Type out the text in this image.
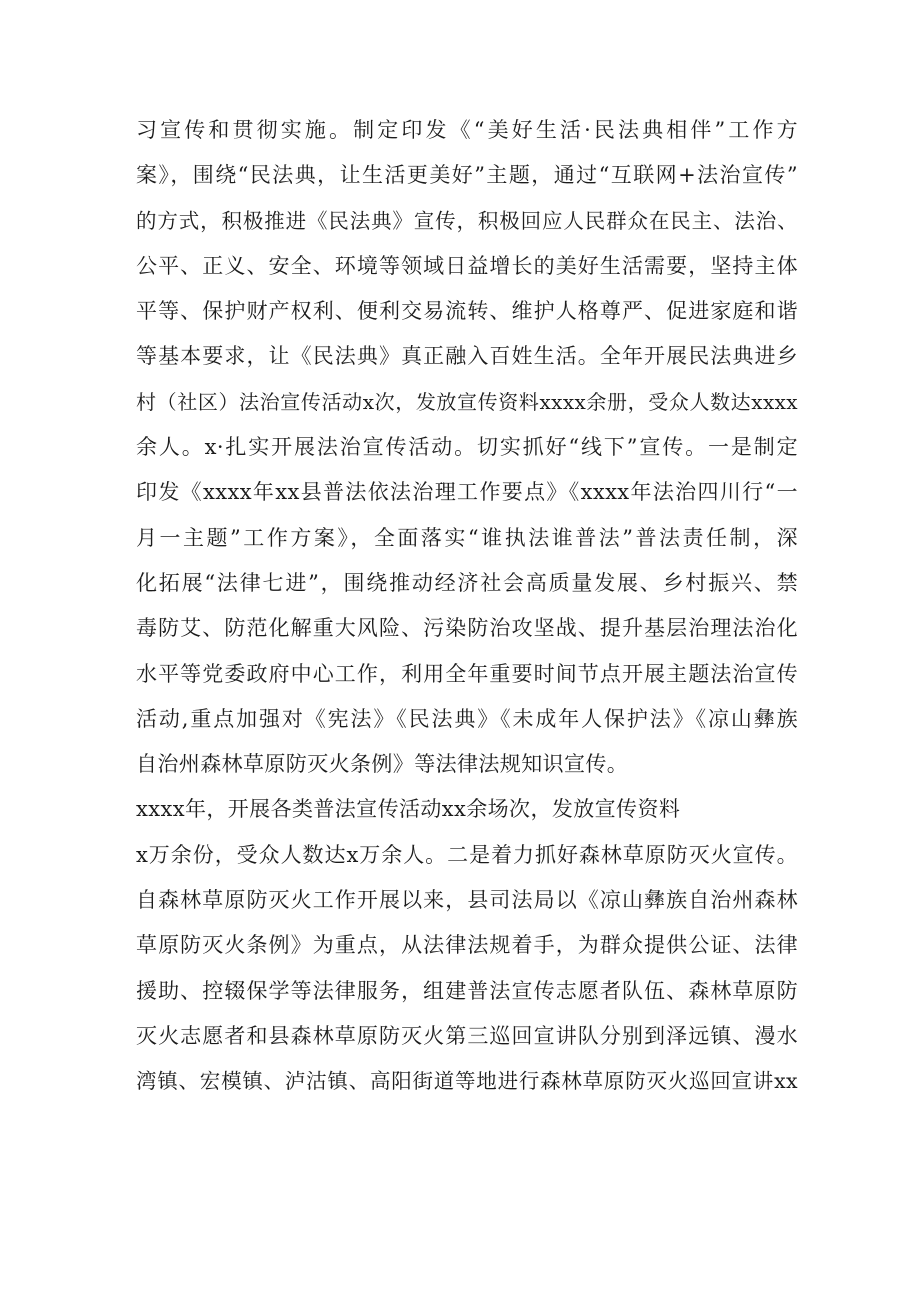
习宣传和贯彻实施。制定印发《“美好生活·民法典相伴”工作方
案》，围绕“民法典，让生活更美好”主题，通过“互联网+法治宣传”
的方式，积极推进《民法典》宣传，积极回应人民群众在民主、法治、
公平、正义、安全、环境等领域日益增长的美好生活需要，坚持主体
平等、保护财产权利、便利交易流转、维护人格尊严、促进家庭和谐
等基本要求，让《民法典》真正融入百姓生活。全年开展民法典进乡
村（社区）法治宣传活动x次，发放宣传资料xxxx余册，受众人数达xxxx
余人。x·扎实开展法治宣传活动。切实抓好“线下”宣传。一是制定
印发《xxxx年xx县普法依法治理工作要点》《xxxx年法治四川行“一
月一主题”工作方案》，全面落实“谁执法谁普法”普法责任制，深
化拓展“法律七进”，围绕推动经济社会高质量发展、乡村振兴、禁
毒防艾、防范化解重大风险、污染防治攻坚战、提升基层治理法治化
水平等党委政府中心工作，利用全年重要时间节点开展主题法治宣传
活动,重点加强对《宪法》《民法典》《未成年人保护法》《凉山彝族
自治州森林草原防灭火条例》等法律法规知识宣传。
xxxx年，开展各类普法宣传活动xx余场次，发放宣传资料
x万余份，受众人数达x万余人。二是着力抓好森林草原防灭火宣传。
自森林草原防灭火工作开展以来，县司法局以《凉山彝族自治州森林
草原防灭火条例》为重点，从法律法规着手，为群众提供公证、法律
援助、控辍保学等法律服务，组建普法宣传志愿者队伍、森林草原防
灭火志愿者和县森林草原防灭火第三巡回宣讲队分别到泽远镇、漫水
湾镇、宏模镇、泸沽镇、高阳街道等地进行森林草原防灭火巡回宣讲xx
